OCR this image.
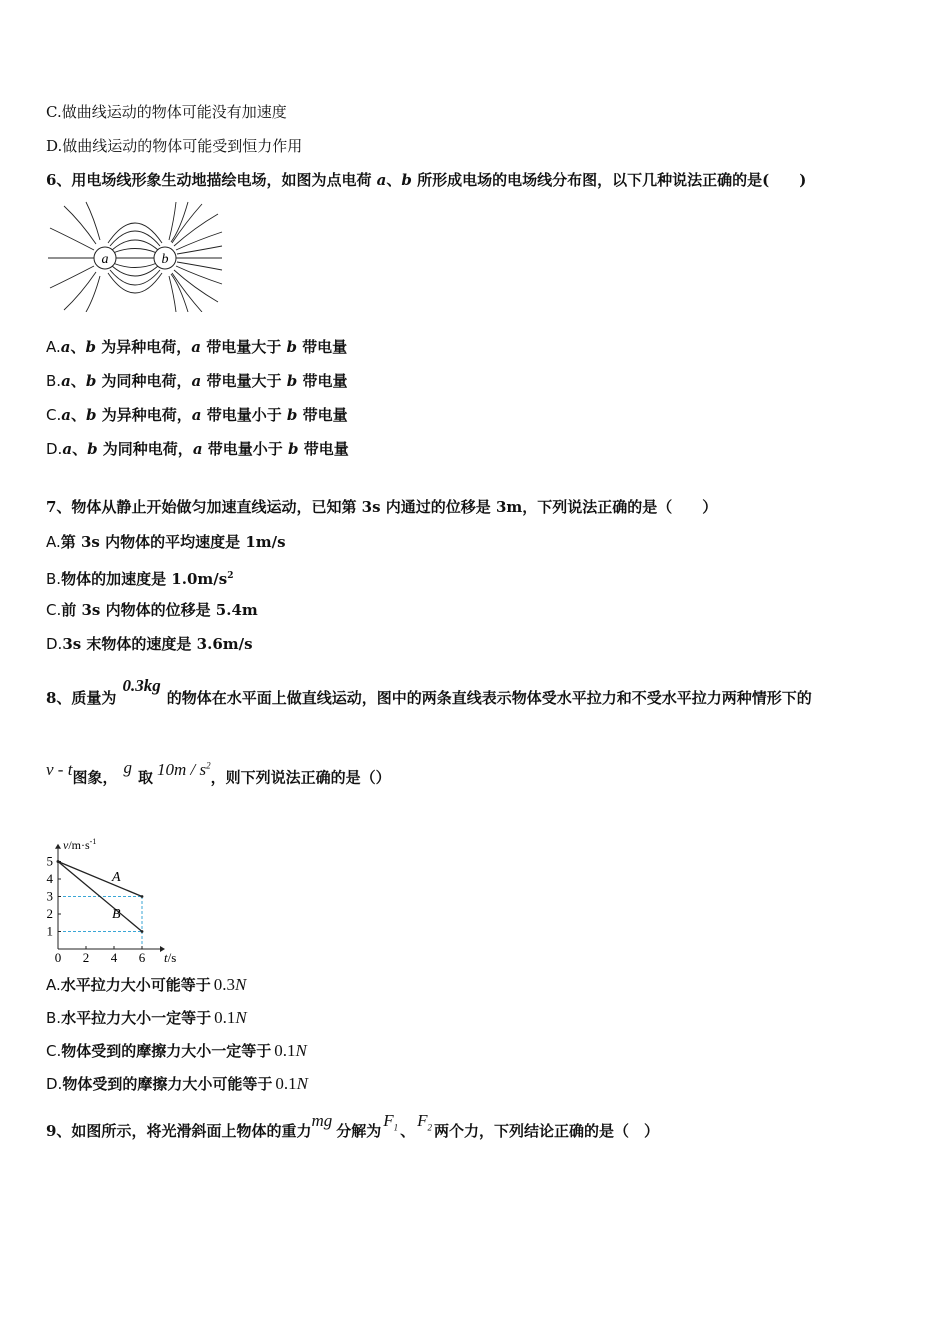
C.做曲线运动的物体可能没有加速度
D.做曲线运动的物体可能受到恒力作用
6、用电场线形象生动地描绘电场，如图为点电荷 a、b 所形成电场的电场线分布图，以下几种说法正确的是(　　)
a	b
A.a、b 为异种电荷，a 带电量大于 b 带电量
B.a、b 为同种电荷，a 带电量大于 b 带电量
C.a、b 为异种电荷，a 带电量小于 b 带电量
D.a、b 为同种电荷，a 带电量小于 b 带电量
7、物体从静止开始做匀加速直线运动，已知第 3s 内通过的位移是 3m，下列说法正确的是（　　）
A.第 3s 内物体的平均速度是 1m/s
B.物体的加速度是 $1.0m/s^2$
C.前 3s 内物体的位移是 5.4m
D.3s 末物体的速度是 3.6m/s
8、质量为0.3kg的物体在水平面上做直线运动，图中的两条直线表示物体受水平拉力和不受水平拉力两种情形下的
v - t图象，g取 $10m / s^2$，则下列说法正确的是（）
0 2 4 6
1
2
3
4
5
$v/m\cdot s^{-1}$
t/s
A
B
A.水平拉力大小可能等于 0.3N
B.水平拉力大小一定等于 0.1N
C.物体受到的摩擦力大小一定等于 0.1N
D.物体受到的摩擦力大小可能等于 0.1N
9、如图所示，将光滑斜面上物体的重力mg分解为$F_1$ 、$F_2$ 两个力，下列结论正确的是（　）
